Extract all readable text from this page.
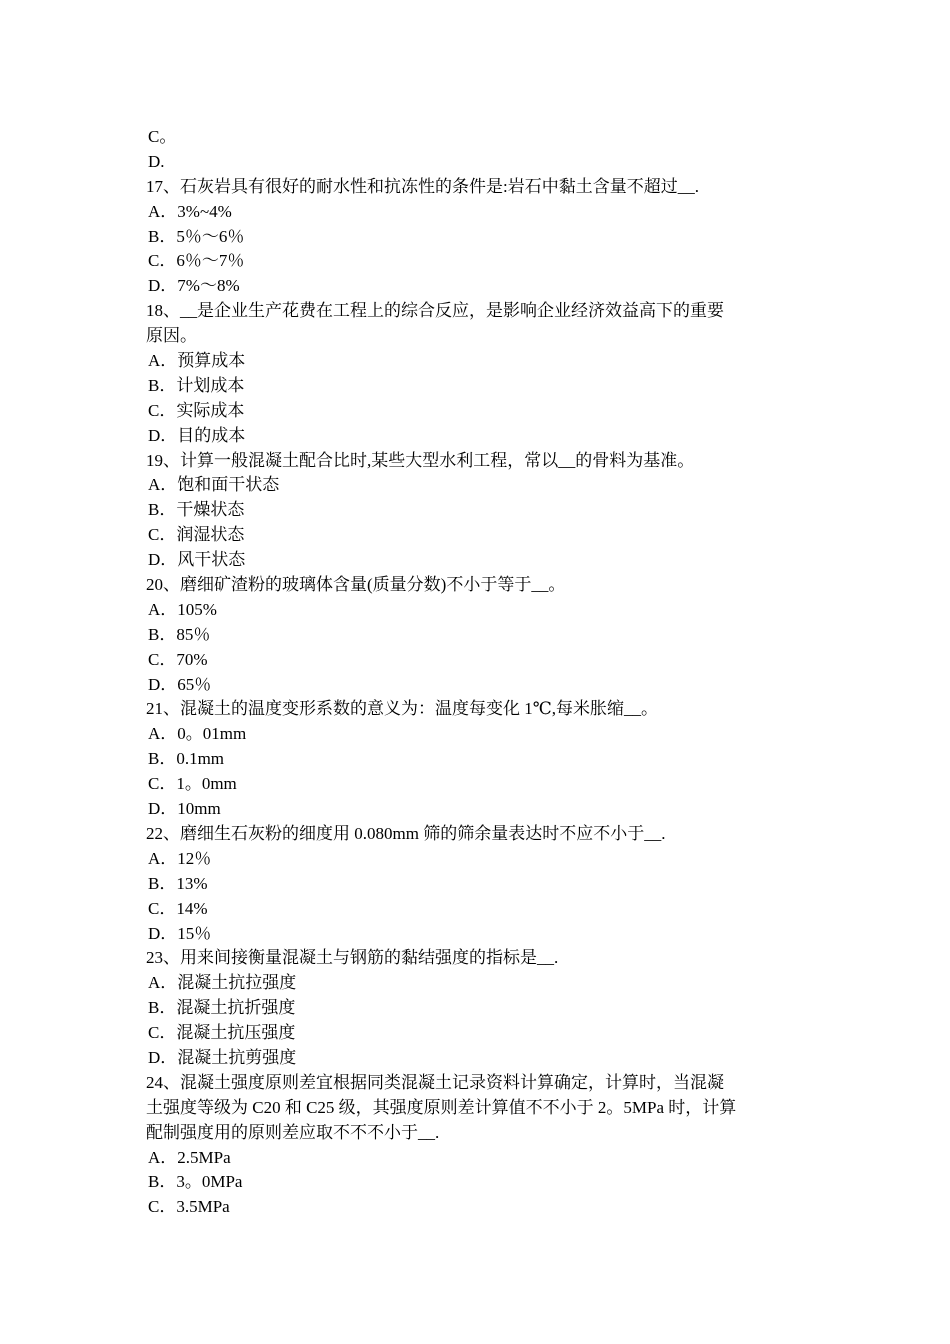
C。
D.
17、石灰岩具有很好的耐水性和抗冻性的条件是:岩石中黏土含量不超过__.
A．3%~4%
B．5％～6％
C．6％～7％
D．7%～8%
18、__是企业生产花费在工程上的综合反应，是影响企业经济效益高下的重要
原因。
A．预算成本
B．计划成本
C．实际成本
D．目的成本
19、计算一般混凝土配合比时,某些大型水利工程，常以__的骨料为基准。
A．饱和面干状态
B．干燥状态
C．润湿状态
D．风干状态
20、磨细矿渣粉的玻璃体含量(质量分数)不小于等于__。
A．105%
B．85％
C．70%
D．65％
21、混凝土的温度变形系数的意义为：温度每变化 1℃,每米胀缩__。
A．0。01mm
B．0.1mm
C．1。0mm
D．10mm
22、磨细生石灰粉的细度用 0.080mm 筛的筛余量表达时不应不小于__.
A．12％
B．13%
C．14%
D．15％
23、用来间接衡量混凝土与钢筋的黏结强度的指标是__.
A．混凝土抗拉强度
B．混凝土抗折强度
C．混凝土抗压强度
D．混凝土抗剪强度
24、混凝土强度原则差宜根据同类混凝土记录资料计算确定，计算时，当混凝
土强度等级为 C20 和 C25 级，其强度原则差计算值不不小于 2。5MPa 时，计算
配制强度用的原则差应取不不不小于__.
A．2.5MPa
B．3。0MPa
C．3.5MPa
